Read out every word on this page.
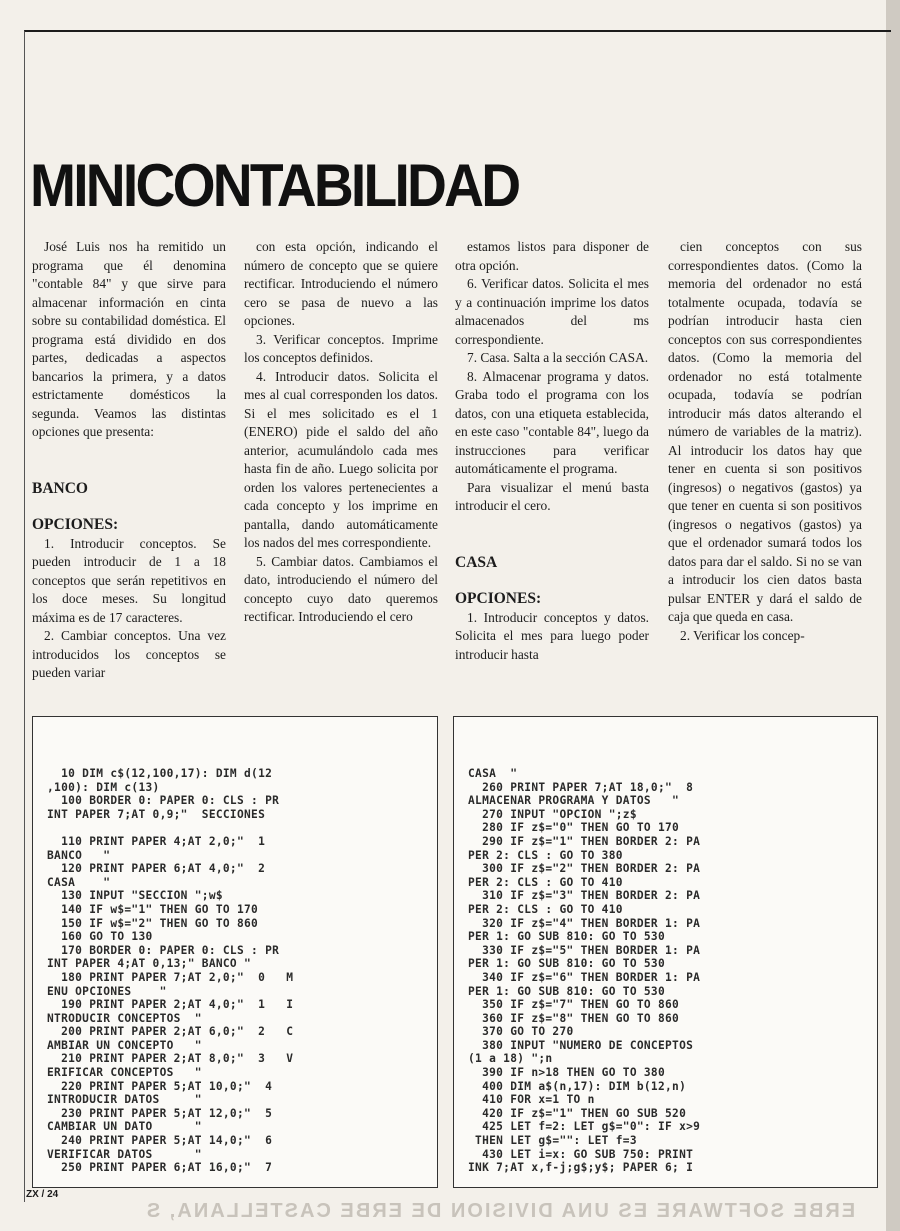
MINICONTABILIDAD

José Luis nos ha remitido un programa que él denomina "contable 84" y que sirve para almacenar información en cinta sobre su contabilidad doméstica. El programa está dividido en dos partes, dedicadas a aspectos bancarios la primera, y a datos estrictamente domésticos la segunda. Veamos las distintas opciones que presenta:

BANCO
OPCIONES:

1. Introducir conceptos. Se pueden introducir de 1 a 18 conceptos que serán repetitivos en los doce meses. Su longitud máxima es de 17 caracteres.

2. Cambiar conceptos. Una vez introducidos los conceptos se pueden variar

con esta opción, indicando el número de concepto que se quiere rectificar. Introduciendo el número cero se pasa de nuevo a las opciones.

3. Verificar conceptos. Imprime los conceptos definidos.

4. Introducir datos. Solicita el mes al cual corresponden los datos. Si el mes solicitado es el 1 (ENERO) pide el saldo del año anterior, acumulándolo cada mes hasta fin de año. Luego solicita por orden los valores pertenecientes a cada concepto y los imprime en pantalla, dando automáticamente los nados del mes correspondiente.

5. Cambiar datos. Cambiamos el dato, introduciendo el número del concepto cuyo dato queremos rectificar. Introduciendo el cero

estamos listos para disponer de otra opción.

6. Verificar datos. Solicita el mes y a continuación imprime los datos almacenados del ms correspondiente.

7. Casa. Salta a la sección CASA.

8. Almacenar programa y datos. Graba todo el programa con los datos, con una etiqueta establecida, en este caso "contable 84", luego da instrucciones para verificar automáticamente el programa.

Para visualizar el menú basta introducir el cero.

CASA
OPCIONES:

1. Introducir conceptos y datos. Solicita el mes para luego poder introducir hasta

cien conceptos con sus correspondientes datos. (Como la memoria del ordenador no está totalmente ocupada, todavía se podrían introducir hasta cien conceptos con sus correspondientes datos. (Como la memoria del ordenador no está totalmente ocupada, todavía se podrían introducir más datos alterando el número de variables de la matriz). Al introducir los datos hay que tener en cuenta si son positivos (ingresos) o negativos (gastos) ya que tener en cuenta si son positivos (ingresos o negativos (gastos) ya que el ordenador sumará todos los datos para dar el saldo. Si no se van a introducir los cien datos basta pulsar ENTER y dará el saldo de caja que queda en casa.

2. Verificar los concep-

10 DIM c$(12,100,17): DIM d(12
,100): DIM c(13)
100 BORDER 0: PAPER 0: CLS : PR
INT PAPER 7;AT 0,9;"  SECCIONES

110 PRINT PAPER 4;AT 2,0;"  1
BANCO   "
120 PRINT PAPER 6;AT 4,0;"  2
CASA    "
130 INPUT "SECCION ";w$
140 IF w$="1" THEN GO TO 170
150 IF w$="2" THEN GO TO 860
160 GO TO 130
170 BORDER 0: PAPER 0: CLS : PR
INT PAPER 4;AT 0,13;" BANCO "
180 PRINT PAPER 7;AT 2,0;"  0   M
ENU OPCIONES    "
190 PRINT PAPER 2;AT 4,0;"  1   I
NTRODUCIR CONCEPTOS  "
200 PRINT PAPER 2;AT 6,0;"  2   C
AMBIAR UN CONCEPTO   "
210 PRINT PAPER 2;AT 8,0;"  3   V
ERIFICAR CONCEPTOS   "
220 PRINT PAPER 5;AT 10,0;"  4
INTRODUCIR DATOS     "
230 PRINT PAPER 5;AT 12,0;"  5
CAMBIAR UN DATO      "
240 PRINT PAPER 5;AT 14,0;"  6
VERIFICAR DATOS      "
250 PRINT PAPER 6;AT 16,0;"  7
CASA  "
260 PRINT PAPER 7;AT 18,0;"  8
ALMACENAR PROGRAMA Y DATOS   "
270 INPUT "OPCION ";z$
280 IF z$="0" THEN GO TO 170
290 IF z$="1" THEN BORDER 2: PA
PER 2: CLS : GO TO 380
300 IF z$="2" THEN BORDER 2: PA
PER 2: CLS : GO TO 410
310 IF z$="3" THEN BORDER 2: PA
PER 2: CLS : GO TO 410
320 IF z$="4" THEN BORDER 1: PA
PER 1: GO SUB 810: GO TO 530
330 IF z$="5" THEN BORDER 1: PA
PER 1: GO SUB 810: GO TO 530
340 IF z$="6" THEN BORDER 1: PA
PER 1: GO SUB 810: GO TO 530
350 IF z$="7" THEN GO TO 860
360 IF z$="8" THEN GO TO 860
370 GO TO 270
380 INPUT "NUMERO DE CONCEPTOS
(1 a 18) ";n
390 IF n>18 THEN GO TO 380
400 DIM a$(n,17): DIM b(12,n)
410 FOR x=1 TO n
420 IF z$="1" THEN GO SUB 520
425 LET f=2: LET g$="0": IF x>9
THEN LET g$="": LET f=3
430 LET i=x: GO SUB 750: PRINT
INK 7;AT x,f-j;g$;y$; PAPER 6; I
ZX / 24
ERBE SOFTWARE ES UNA DIVISION DE ERBE CASTELLANA, S
